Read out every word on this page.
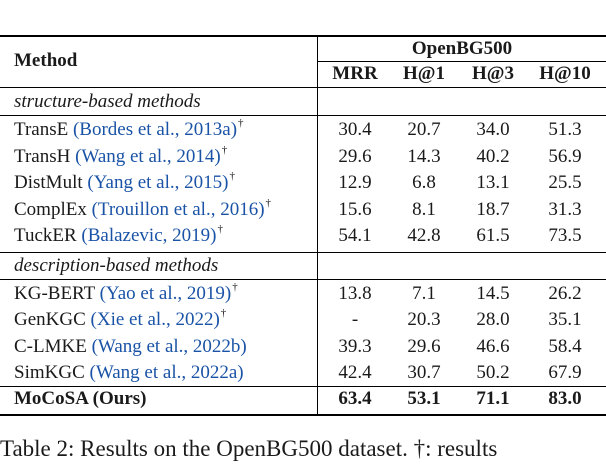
Method
OpenBG500
MRR	H@1	H@3	H@10
structure-based methods
Table 2: Results on the OpenBG500 dataset. †: results
TransE (Bordes et al., 2013a)†	30.4	20.7	34.0	51.3
TransH (Wang et al., 2014)†	29.6	14.3	40.2	56.9
DistMult (Yang et al., 2015)†	12.9	6.8	13.1	25.5
ComplEx (Trouillon et al., 2016)†	15.6	8.1	18.7	31.3
TuckER (Balazevic, 2019)†	54.1	42.8	61.5	73.5
description-based methods
KG-BERT (Yao et al., 2019)†	13.8	7.1	14.5	26.2
GenKGC (Xie et al., 2022)†	-	20.3	28.0	35.1
C-LMKE (Wang et al., 2022b)	39.3	29.6	46.6	58.4
SimKGC (Wang et al., 2022a)	42.4	30.7	50.2	67.9
MoCoSA (Ours)	63.4	53.1	71.1	83.0
